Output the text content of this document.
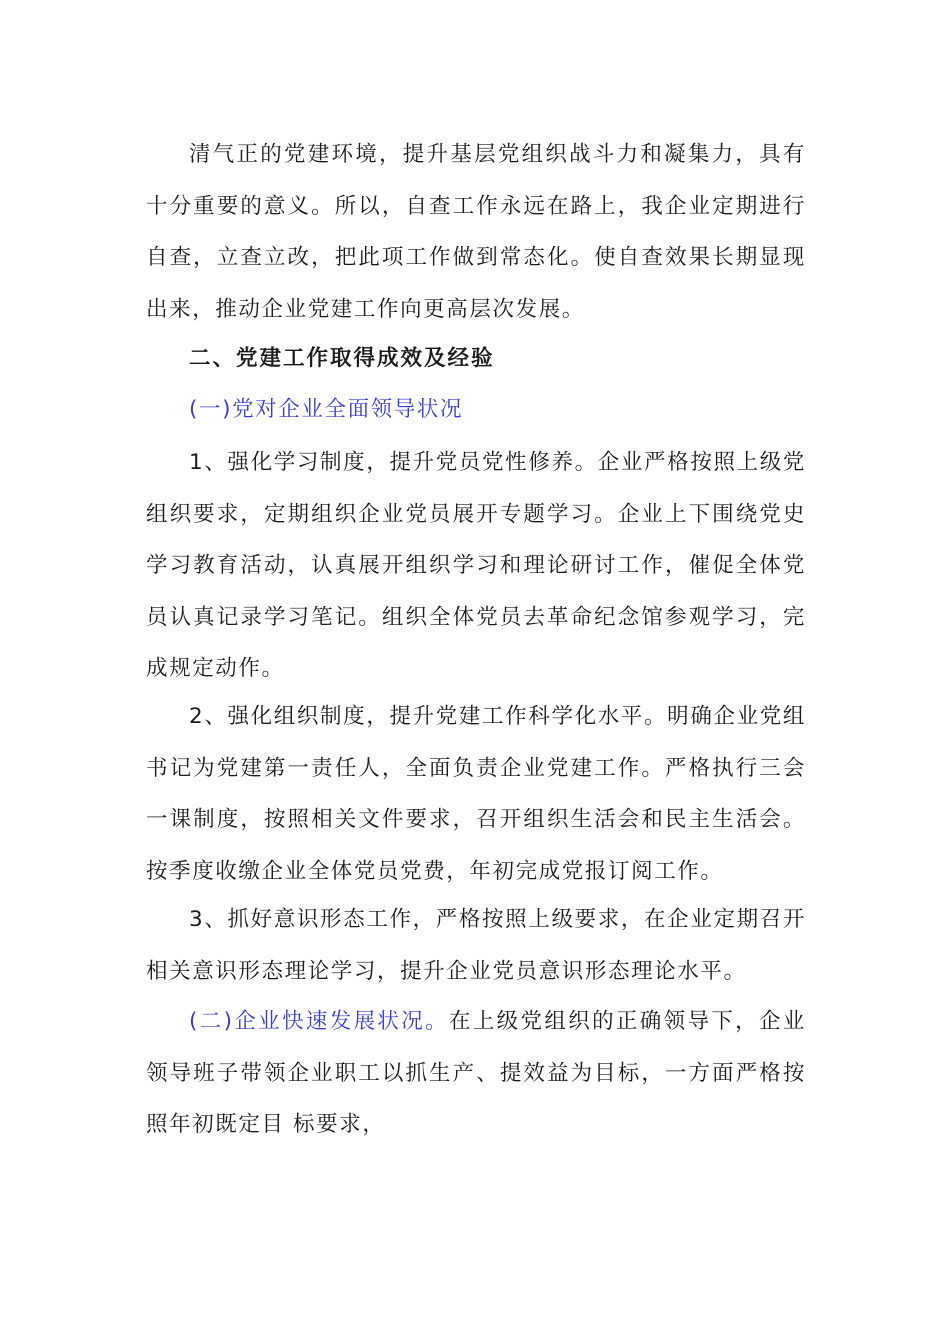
清气正的党建环境，提升基层党组织战斗力和凝集力，具有十分重要的意义。所以，自查工作永远在路上，我企业定期进行自查，立查立改，把此项工作做到常态化。使自查效果长期显现出来，推动企业党建工作向更高层次发展。

二、党建工作取得成效及经验

(一)党对企业全面领导状况

1、强化学习制度，提升党员党性修养。企业严格按照上级党组织要求，定期组织企业党员展开专题学习。企业上下围绕党史学习教育活动，认真展开组织学习和理论研讨工作，催促全体党员认真记录学习笔记。组织全体党员去革命纪念馆参观学习，完成规定动作。

2、强化组织制度，提升党建工作科学化水平。明确企业党组书记为党建第一责任人，全面负责企业党建工作。严格执行三会一课制度，按照相关文件要求，召开组织生活会和民主生活会。按季度收缴企业全体党员党费，年初完成党报订阅工作。

3、抓好意识形态工作，严格按照上级要求，在企业定期召开相关意识形态理论学习，提升企业党员意识形态理论水平。

(二)企业快速发展状况。在上级党组织的正确领导下，企业领导班子带领企业职工以抓生产、提效益为目标，一方面严格按照年初既定目 标要求，
